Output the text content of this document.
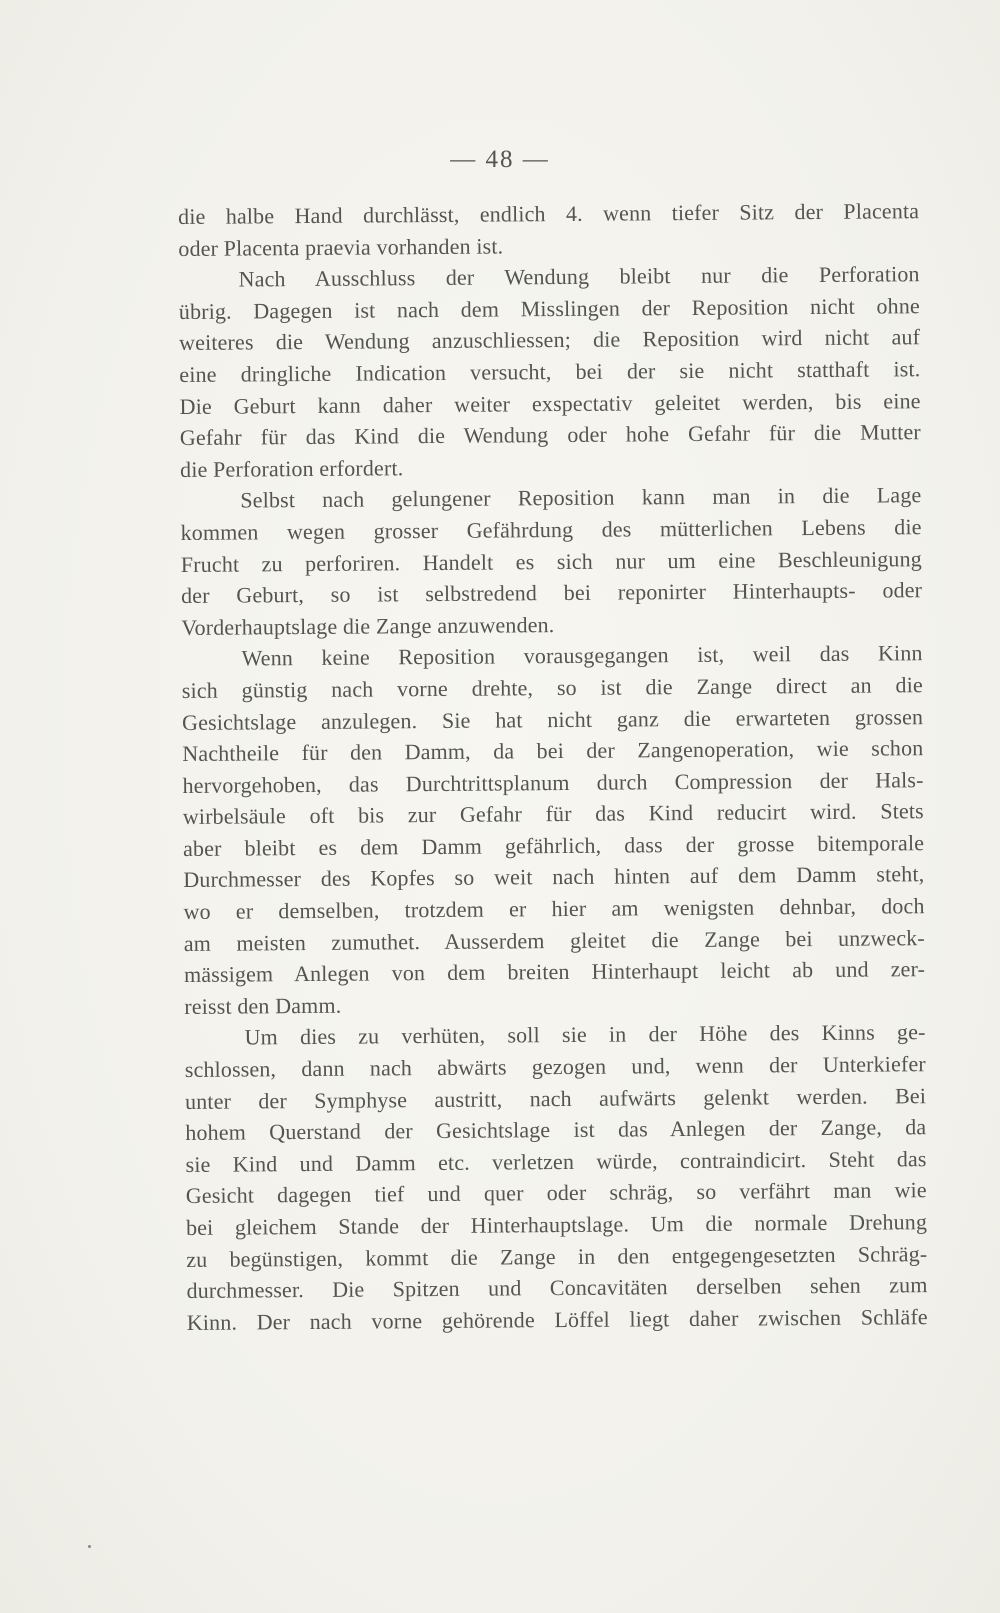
— 48 —
die halbe Hand durchlässt, endlich 4. wenn tiefer Sitz der Placenta
oder Placenta praevia vorhanden ist.
Nach Ausschluss der Wendung bleibt nur die Perforation
übrig. Dagegen ist nach dem Misslingen der Reposition nicht ohne
weiteres die Wendung anzuschliessen; die Reposition wird nicht auf
eine dringliche Indication versucht, bei der sie nicht statthaft ist.
Die Geburt kann daher weiter exspectativ geleitet werden, bis eine
Gefahr für das Kind die Wendung oder hohe Gefahr für die Mutter
die Perforation erfordert.
Selbst nach gelungener Reposition kann man in die Lage
kommen wegen grosser Gefährdung des mütterlichen Lebens die
Frucht zu perforiren. Handelt es sich nur um eine Beschleunigung
der Geburt, so ist selbstredend bei reponirter Hinterhaupts- oder
Vorderhauptslage die Zange anzuwenden.
Wenn keine Reposition vorausgegangen ist, weil das Kinn
sich günstig nach vorne drehte, so ist die Zange direct an die
Gesichtslage anzulegen. Sie hat nicht ganz die erwarteten grossen
Nachtheile für den Damm, da bei der Zangenoperation, wie schon
hervorgehoben, das Durchtrittsplanum durch Compression der Hals-
wirbelsäule oft bis zur Gefahr für das Kind reducirt wird. Stets
aber bleibt es dem Damm gefährlich, dass der grosse bitemporale
Durchmesser des Kopfes so weit nach hinten auf dem Damm steht,
wo er demselben, trotzdem er hier am wenigsten dehnbar, doch
am meisten zumuthet. Ausserdem gleitet die Zange bei unzweck-
mässigem Anlegen von dem breiten Hinterhaupt leicht ab und zer-
reisst den Damm.
Um dies zu verhüten, soll sie in der Höhe des Kinns ge-
schlossen, dann nach abwärts gezogen und, wenn der Unterkiefer
unter der Symphyse austritt, nach aufwärts gelenkt werden. Bei
hohem Querstand der Gesichtslage ist das Anlegen der Zange, da
sie Kind und Damm etc. verletzen würde, contraindicirt. Steht das
Gesicht dagegen tief und quer oder schräg, so verfährt man wie
bei gleichem Stande der Hinterhauptslage. Um die normale Drehung
zu begünstigen, kommt die Zange in den entgegengesetzten Schräg-
durchmesser. Die Spitzen und Concavitäten derselben sehen zum
Kinn. Der nach vorne gehörende Löffel liegt daher zwischen Schläfe
